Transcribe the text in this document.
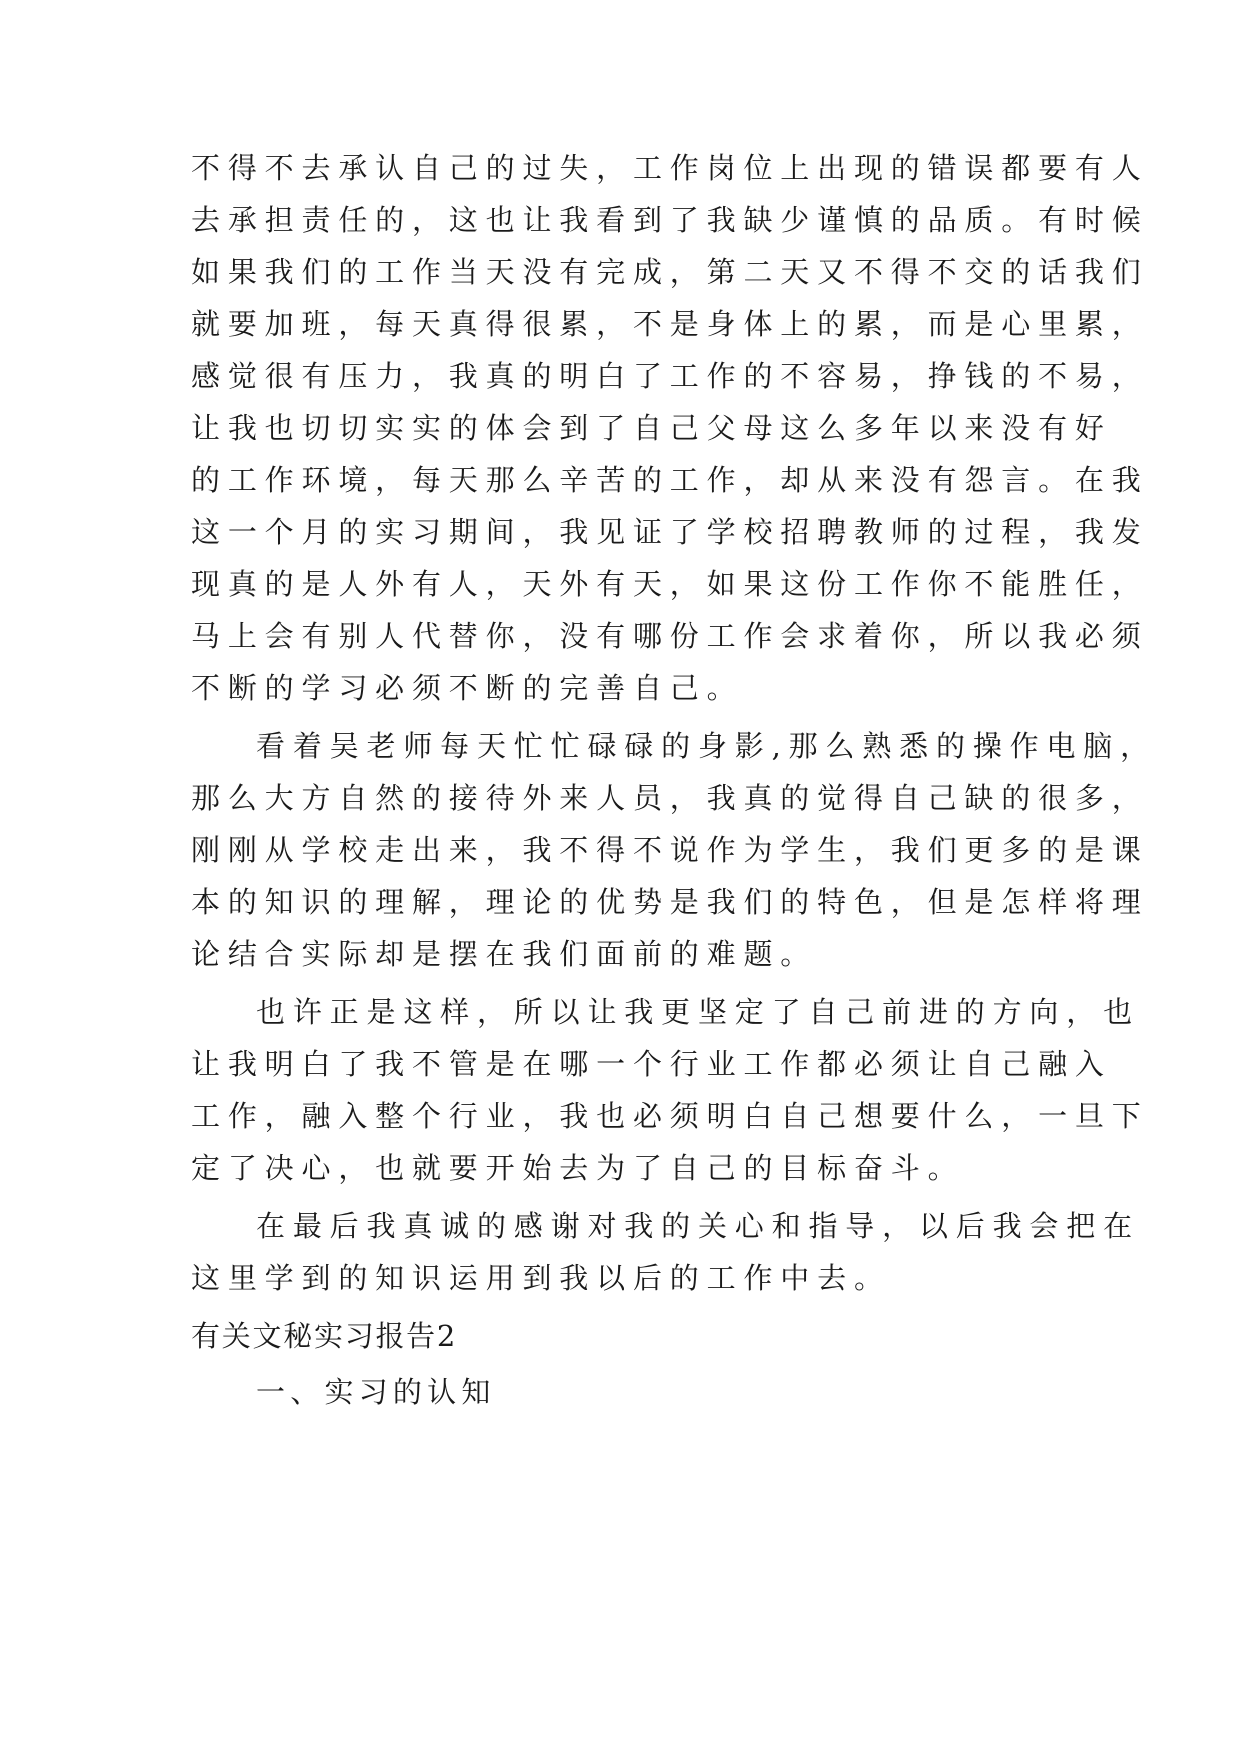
不得不去承认自己的过失，工作岗位上出现的错误都要有人
去承担责任的，这也让我看到了我缺少谨慎的品质。有时候
如果我们的工作当天没有完成，第二天又不得不交的话我们
就要加班，每天真得很累，不是身体上的累，而是心里累，
感觉很有压力，我真的明白了工作的不容易，挣钱的不易，
让我也切切实实的体会到了自己父母这么多年以来没有好
的工作环境，每天那么辛苦的工作，却从来没有怨言。在我
这一个月的实习期间，我见证了学校招聘教师的过程，我发
现真的是人外有人，天外有天，如果这份工作你不能胜任，
马上会有别人代替你，没有哪份工作会求着你，所以我必须
不断的学习必须不断的完善自己。
看着吴老师每天忙忙碌碌的身影,那么熟悉的操作电脑，
那么大方自然的接待外来人员，我真的觉得自己缺的很多，
刚刚从学校走出来，我不得不说作为学生，我们更多的是课
本的知识的理解，理论的优势是我们的特色，但是怎样将理
论结合实际却是摆在我们面前的难题。
也许正是这样，所以让我更坚定了自己前进的方向，也
让我明白了我不管是在哪一个行业工作都必须让自己融入
工作，融入整个行业，我也必须明白自己想要什么，一旦下
定了决心，也就要开始去为了自己的目标奋斗。
在最后我真诚的感谢对我的关心和指导，以后我会把在
这里学到的知识运用到我以后的工作中去。
有关文秘实习报告2
一、实习的认知
